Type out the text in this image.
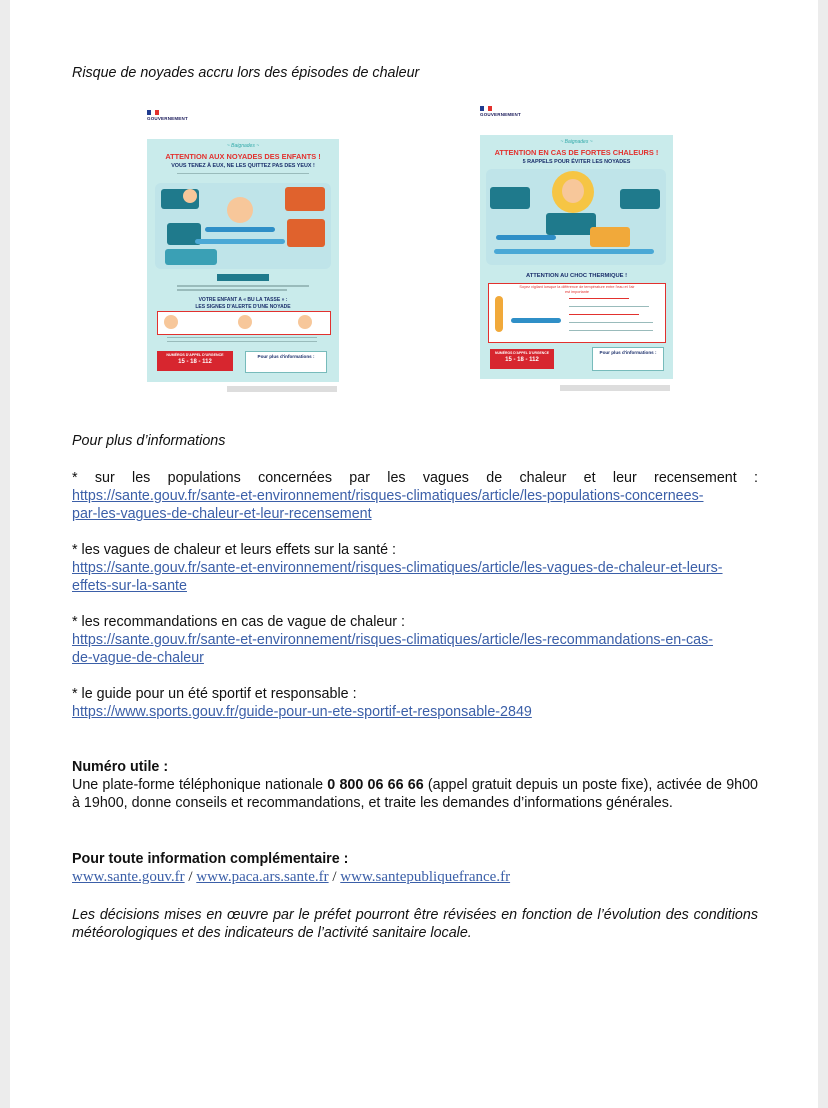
Risque de noyades accru lors des épisodes de chaleur
GOUVERNEMENT
~ Baignades ~
ATTENTION AUX NOYADES DES ENFANTS !
VOUS TENEZ À EUX, NE LES QUITTEZ PAS DES YEUX !
VOTRE ENFANT A « BU LA TASSE » :
LES SIGNES D'ALERTE D'UNE NOYADE
NUMÉROS D'APPEL D'URGENCE
15 - 18 - 112
Pour plus d'informations :
GOUVERNEMENT
~ Baignades ~
ATTENTION EN CAS DE FORTES CHALEURS !
5 RAPPELS POUR ÉVITER LES NOYADES
ATTENTION AU CHOC THERMIQUE !
Soyez vigilant lorsque la différence de température entre l'eau et l'air est importante
NUMÉROS D'APPEL D'URGENCE
15 - 18 - 112
Pour plus d'informations :
Pour plus d’informations
* sur les populations concernées par les vagues de chaleur et leur recensement :
https://sante.gouv.fr/sante-et-environnement/risques-climatiques/article/les-populations-concernees-
par-les-vagues-de-chaleur-et-leur-recensement
* les vagues de chaleur et leurs effets sur la santé :
https://sante.gouv.fr/sante-et-environnement/risques-climatiques/article/les-vagues-de-chaleur-et-leurs-
effets-sur-la-sante
* les recommandations en cas de vague de chaleur :
https://sante.gouv.fr/sante-et-environnement/risques-climatiques/article/les-recommandations-en-cas-
de-vague-de-chaleur
* le guide pour un été sportif et responsable :
https://www.sports.gouv.fr/guide-pour-un-ete-sportif-et-responsable-2849
Numéro utile :
Une plate-forme téléphonique nationale 0 800 06 66 66 (appel gratuit depuis un poste fixe), activée de 9h00 à 19h00, donne conseils et recommandations, et traite les demandes d’informations générales.
Pour toute information complémentaire :
www.sante.gouv.fr / www.paca.ars.sante.fr / www.santepubliquefrance.fr
Les décisions mises en œuvre par le préfet pourront être révisées en fonction de l’évolution des conditions météorologiques et des indicateurs de l’activité sanitaire locale.
